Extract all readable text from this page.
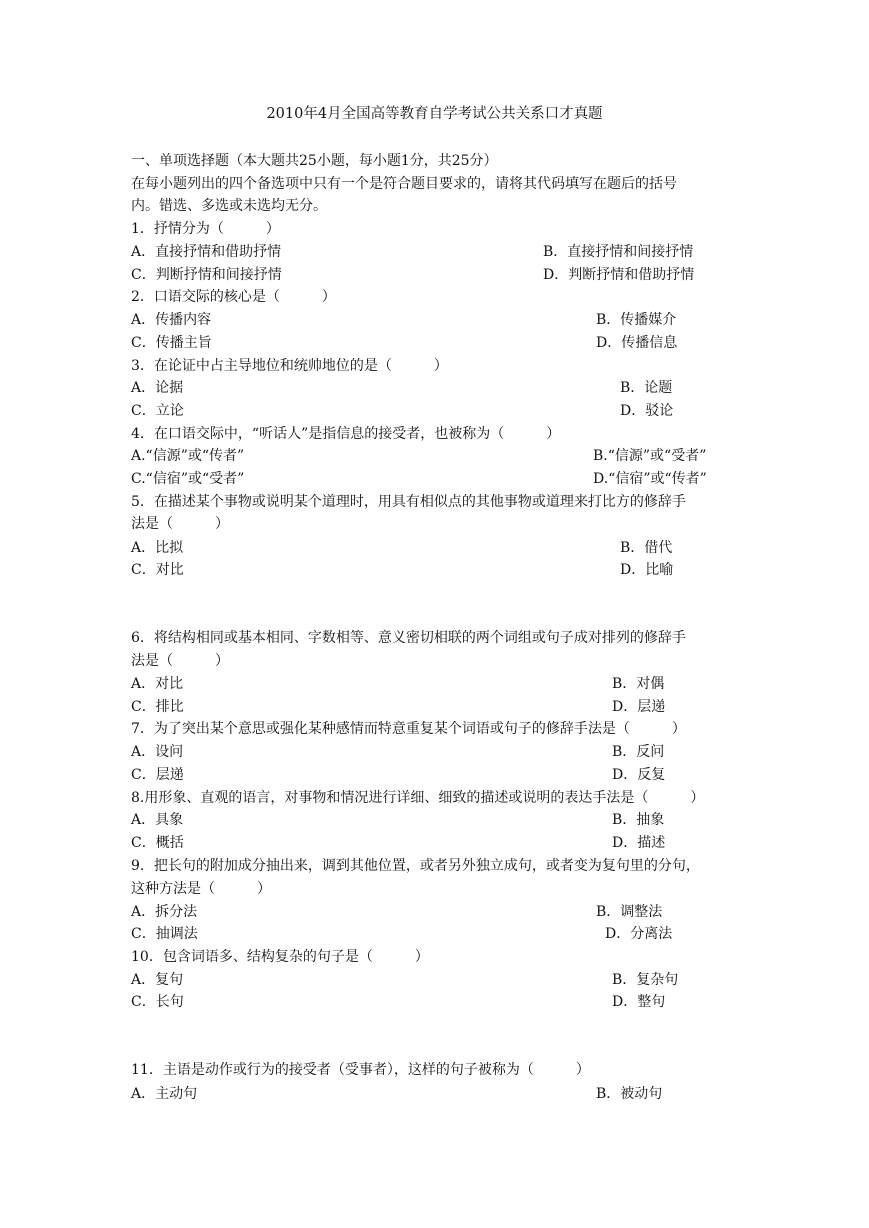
2010年4月全国高等教育自学考试公共关系口才真题
一、单项选择题（本大题共25小题，每小题1分，共25分）
在每小题列出的四个备选项中只有一个是符合题目要求的，请将其代码填写在题后的括号
内。错选、多选或未选均无分。
1．抒情分为（　　　）
A．直接抒情和借助抒情	B．直接抒情和间接抒情
C．判断抒情和间接抒情	D．判断抒情和借助抒情
2．口语交际的核心是（　　　）
A．传播内容	B．传播媒介
C．传播主旨	D．传播信息
3．在论证中占主导地位和统帅地位的是（　　　）
A．论据	B．论题
C．立论	D．驳论
4．在口语交际中，“听话人”是指信息的接受者，也被称为（　　　）
A.“信源”或“传者”	B.“信源”或“受者”
C.“信宿”或“受者”	D.“信宿”或“传者”
5．在描述某个事物或说明某个道理时，用具有相似点的其他事物或道理来打比方的修辞手
法是（　　　）
A．比拟	B．借代
C．对比	D．比喻
6．将结构相同或基本相同、字数相等、意义密切相联的两个词组或句子成对排列的修辞手
法是（　　　）
A．对比	B．对偶
C．排比	D．层递
7．为了突出某个意思或强化某种感情而特意重复某个词语或句子的修辞手法是（　　　）
A．设问	B．反问
C．层递	D．反复
8.用形象、直观的语言，对事物和情况进行详细、细致的描述或说明的表达手法是（　　　）
A．具象	B．抽象
C．概括	D．描述
9．把长句的附加成分抽出来，调到其他位置，或者另外独立成句，或者变为复句里的分句，
这种方法是（　　　）
A．拆分法	B．调整法
C．抽调法	D．分离法
10．包含词语多、结构复杂的句子是（　　　）
A．复句	B．复杂句
C．长句	D．整句
11．主语是动作或行为的接受者（受事者），这样的句子被称为（　　　）
A．主动句	B．被动句
